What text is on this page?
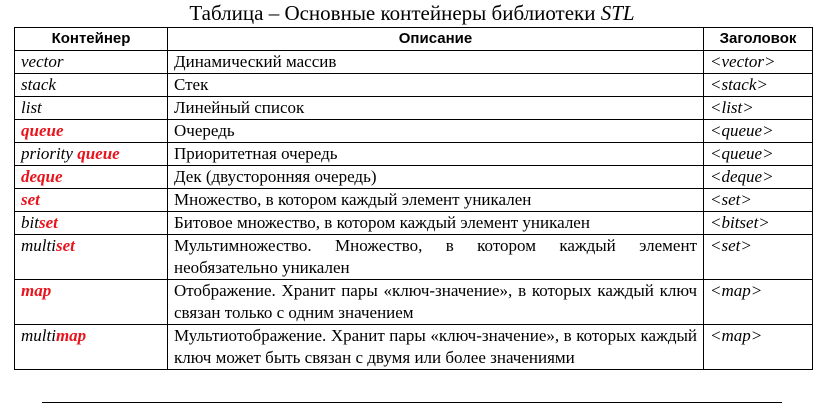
Таблица – Основные контейнеры библиотеки STL
Контейнер	Описание	Заголовок
vector	Динамический массив	<vector>
stack	Стек	<stack>
list	Линейный список	<list>
queue	Очередь	<queue>
priority queue	Приоритетная очередь	<queue>
deque	Дек (двусторонняя очередь)	<deque>
set	Множество, в котором каждый элемент уникален	<set>
bitset	Битовое множество, в котором каждый элемент уникален	<bitset>
multiset	Мультимножество. Множество, в котором каждый элемент необязательно уникален	<set>
map	Отображение. Хранит пары «ключ-значение», в которых каждый ключ связан только с одним значением	<map>
multimap	Мультиотображение. Хранит пары «ключ-значение», в которых каждый ключ может быть связан с двумя или более значениями	<map>
